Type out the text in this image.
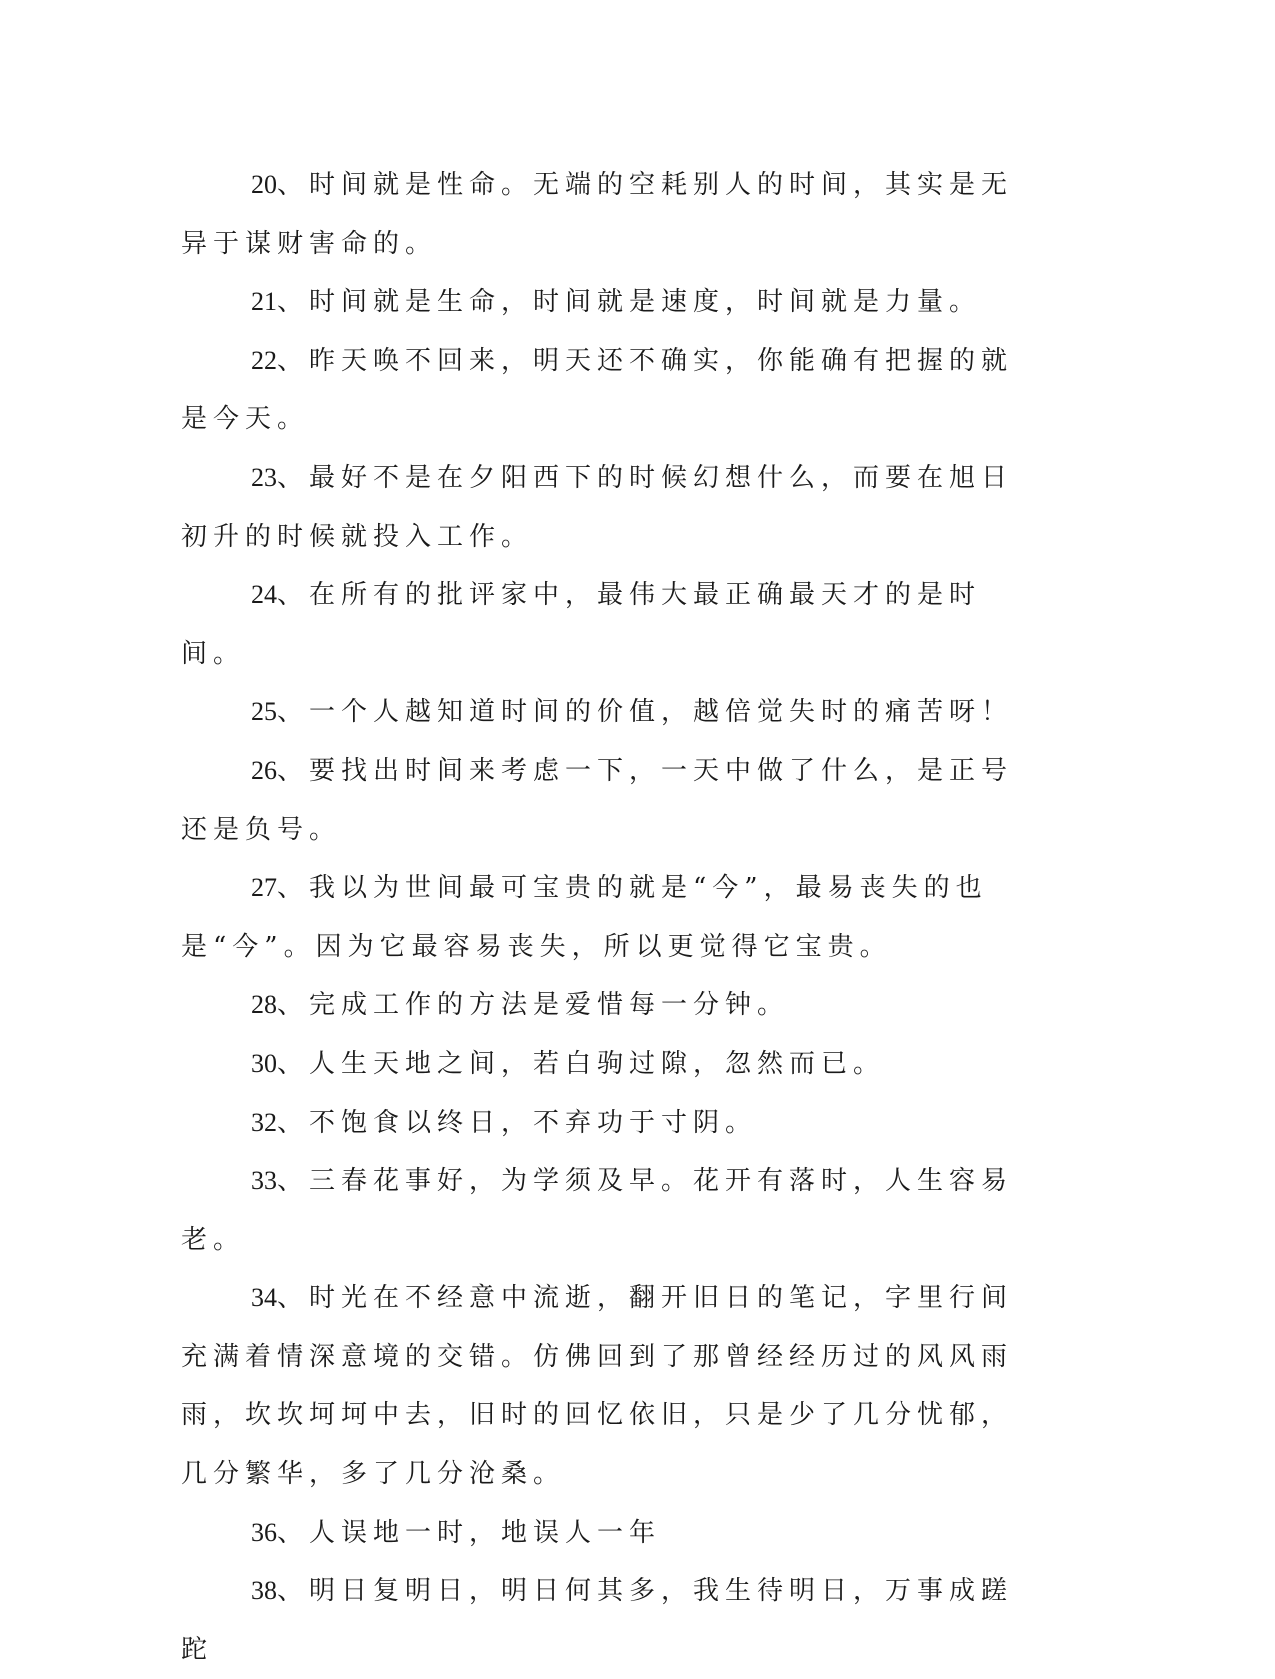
20、时间就是性命。无端的空耗别人的时间，其实是无异于谋财害命的。

21、时间就是生命，时间就是速度，时间就是力量。

22、昨天唤不回来，明天还不确实，你能确有把握的就是今天。

23、最好不是在夕阳西下的时候幻想什么，而要在旭日初升的时候就投入工作。

24、在所有的批评家中，最伟大最正确最天才的是时间。

25、一个人越知道时间的价值，越倍觉失时的痛苦呀！

26、要找出时间来考虑一下，一天中做了什么，是正号还是负号。

27、我以为世间最可宝贵的就是“今”，最易丧失的也是“今”。因为它最容易丧失，所以更觉得它宝贵。

28、完成工作的方法是爱惜每一分钟。

30、人生天地之间，若白驹过隙，忽然而已。

32、不饱食以终日，不弃功于寸阴。

33、三春花事好，为学须及早。花开有落时，人生容易老。

34、时光在不经意中流逝，翻开旧日的笔记，字里行间充满着情深意境的交错。仿佛回到了那曾经经历过的风风雨雨，坎坎坷坷中去，旧时的回忆依旧，只是少了几分忧郁，几分繁华，多了几分沧桑。

36、人误地一时，地误人一年

38、明日复明日，明日何其多，我生待明日，万事成蹉跎
